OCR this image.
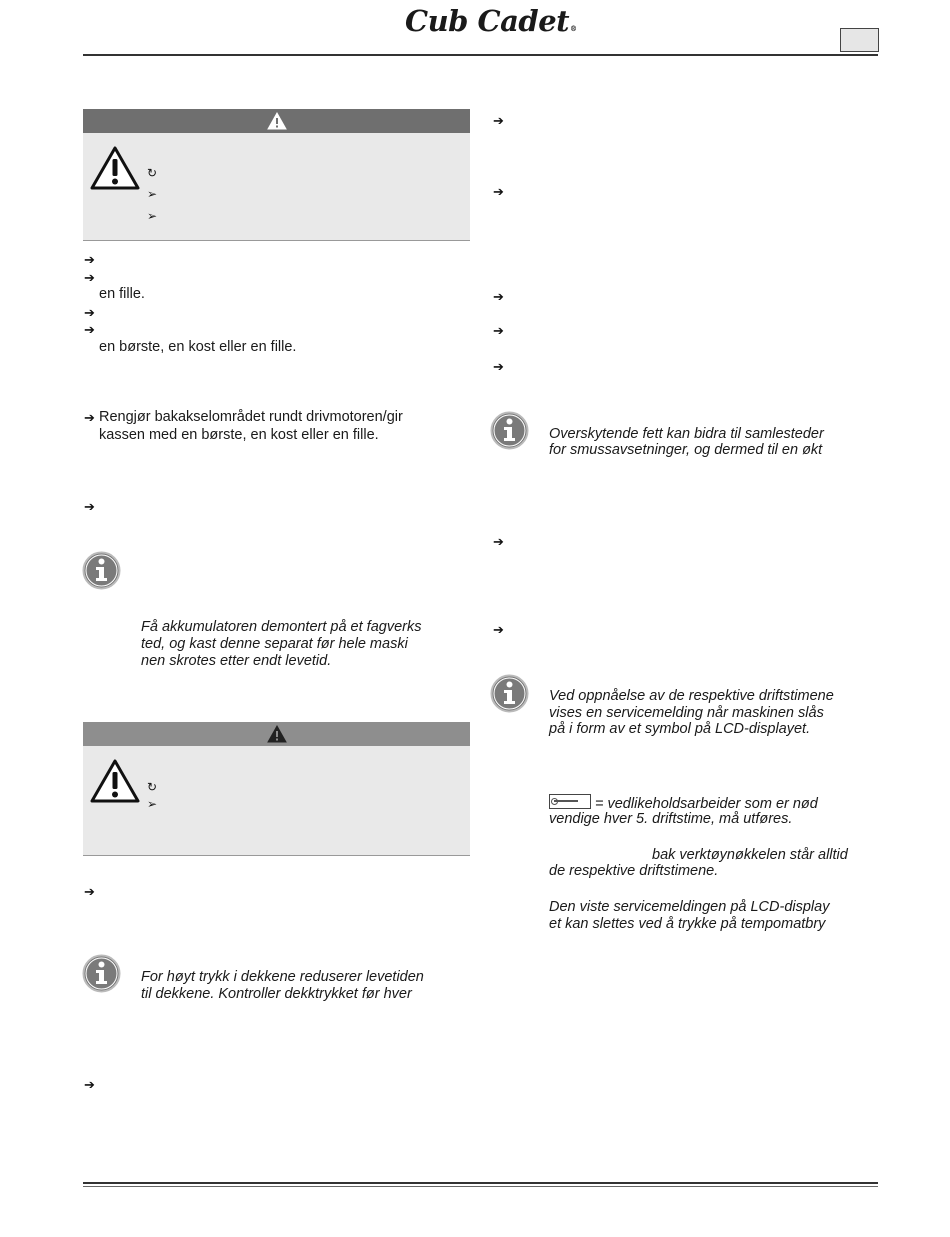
Cub Cadet®
↻
➢
➢
➔
➔
en fille.
➔
➔
en børste, en kost eller en fille.
➔ Rengjør bakakselområdet rundt drivmotoren/gir
kassen med en børste, en kost eller en fille.
➔
Få akkumulatoren demontert på et fagverks
ted, og kast denne separat før hele maski
nen skrotes etter endt levetid.
↻
➢
➔
For høyt trykk i dekkene reduserer levetiden
til dekkene. Kontroller dekktrykket før hver
➔
➔
➔
➔
➔
➔
Overskytende fett kan bidra til samlesteder
for smussavsetninger, og dermed til en økt
➔
➔
Ved oppnåelse av de respektive driftstimene
vises en servicemelding når maskinen slås
på i form av et symbol på LCD-displayet.
= vedlikeholdsarbeider som er nød
vendige hver 5. driftstime, må utføres.
bak verktøynøkkelen står alltid
de respektive driftstimene.
Den viste servicemeldingen på LCD-display
et kan slettes ved å trykke på tempomatbry
